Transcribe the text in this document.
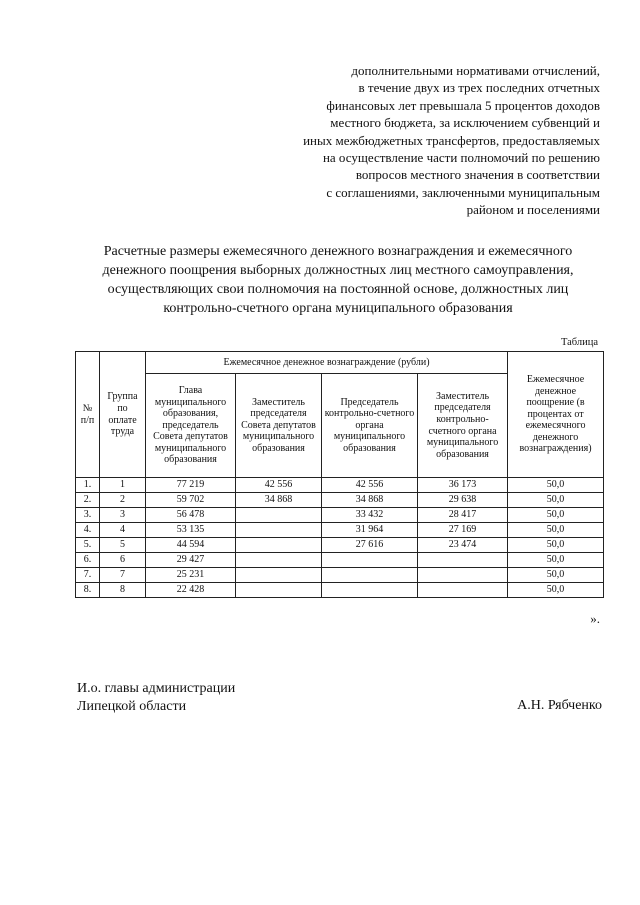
дополнительными нормативами отчислений,
в течение двух из трех последних отчетных
финансовых лет превышала 5 процентов доходов
местного бюджета, за исключением субвенций и
иных межбюджетных трансфертов, предоставляемых
на осуществление части полномочий по решению
вопросов местного значения в соответствии
с соглашениями, заключенными муниципальным
районом и поселениями
Расчетные размеры ежемесячного денежного вознаграждения и ежемесячного
денежного поощрения выборных должностных лиц местного самоуправления,
осуществляющих свои полномочия на постоянной основе, должностных лиц
контрольно-счетного органа муниципального образования
Таблица
№ п/п	Группа по оплате труда	Ежемесячное денежное вознаграждение (рубли)				Ежемесячное денежное поощрение (в процентах от ежемесячного денежного вознаграждения)
		Глава муниципального образования, председатель Совета депутатов муниципального образования	Заместитель председателя Совета депутатов муниципального образования	Председатель контрольно-счетного органа муниципального образования	Заместитель председателя контрольно-счетного органа муниципального образования	
1.	1	77 219	42 556	42 556	36 173	50,0
2.	2	59 702	34 868	34 868	29 638	50,0
3.	3	56 478		33 432	28 417	50,0
4.	4	53 135		31 964	27 169	50,0
5.	5	44 594		27 616	23 474	50,0
6.	6	29 427				50,0
7.	7	25 231				50,0
8.	8	22 428				50,0
».
И.о. главы администрации
Липецкой области	А.Н. Рябченко
